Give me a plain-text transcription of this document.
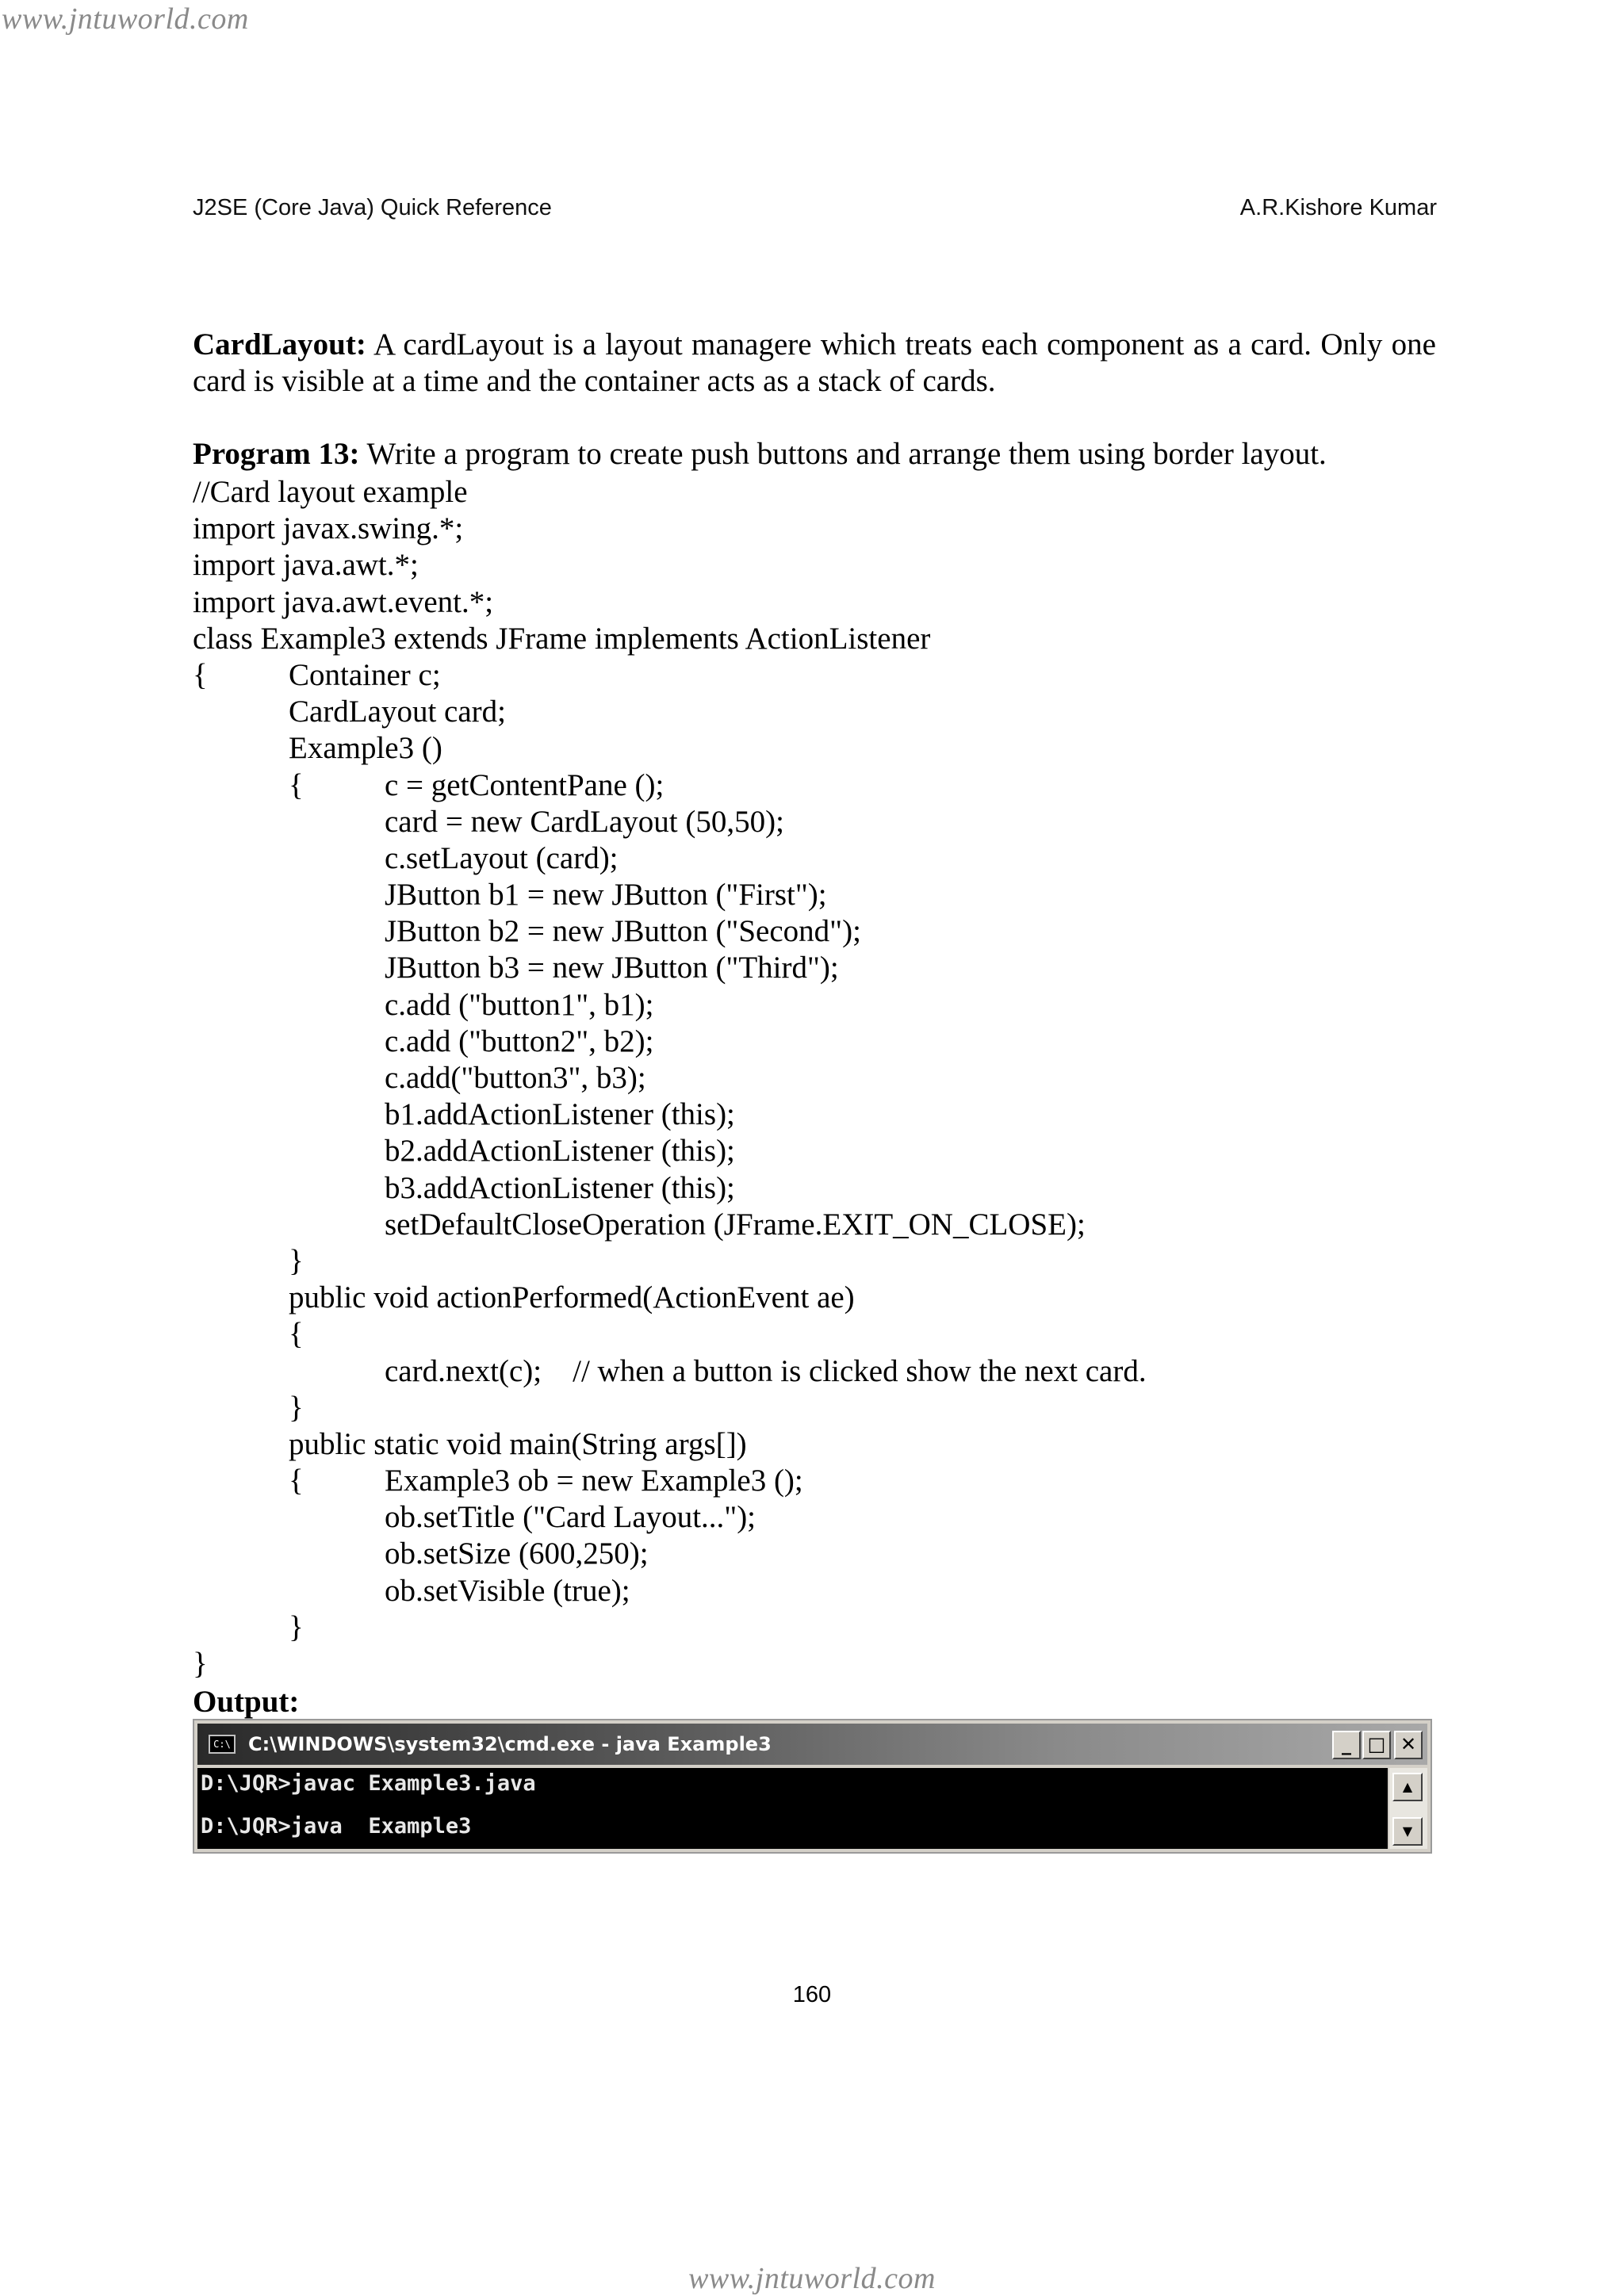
www.jntuworld.com
J2SE (Core Java) Quick Reference	A.R.Kishore Kumar
CardLayout: A cardLayout is a layout managere which treats each component as a card. Only one card is visible at a time and the container acts as a stack of cards.
Program 13: Write a program to create push buttons and arrange them using border layout.
//Card layout example
import javax.swing.*;
import java.awt.*;
import java.awt.event.*;
class Example3 extends JFrame implements ActionListener
{	Container c;
CardLayout card;
Example3 ()
{	c = getContentPane ();
card = new CardLayout (50,50);
c.setLayout (card);
JButton b1 = new JButton ("First");
JButton b2 = new JButton ("Second");
JButton b3 = new JButton ("Third");
c.add ("button1", b1);
c.add ("button2", b2);
c.add("button3", b3);
b1.addActionListener (this);
b2.addActionListener (this);
b3.addActionListener (this);
setDefaultCloseOperation (JFrame.EXIT_ON_CLOSE);
}
public void actionPerformed(ActionEvent ae)
{
card.next(c);    // when a button is clicked show the next card.
}
public static void main(String args[])
{	Example3 ob = new Example3 ();
ob.setTitle ("Card Layout...");
ob.setSize (600,250);
ob.setVisible (true);
}
}
Output:
C:\ C:\WINDOWS\system32\cmd.exe - java Example3	_ □ ✕
D:\JQR>javac Example3.java
D:\JQR>java  Example3
▲
▼
160
www.jntuworld.com
